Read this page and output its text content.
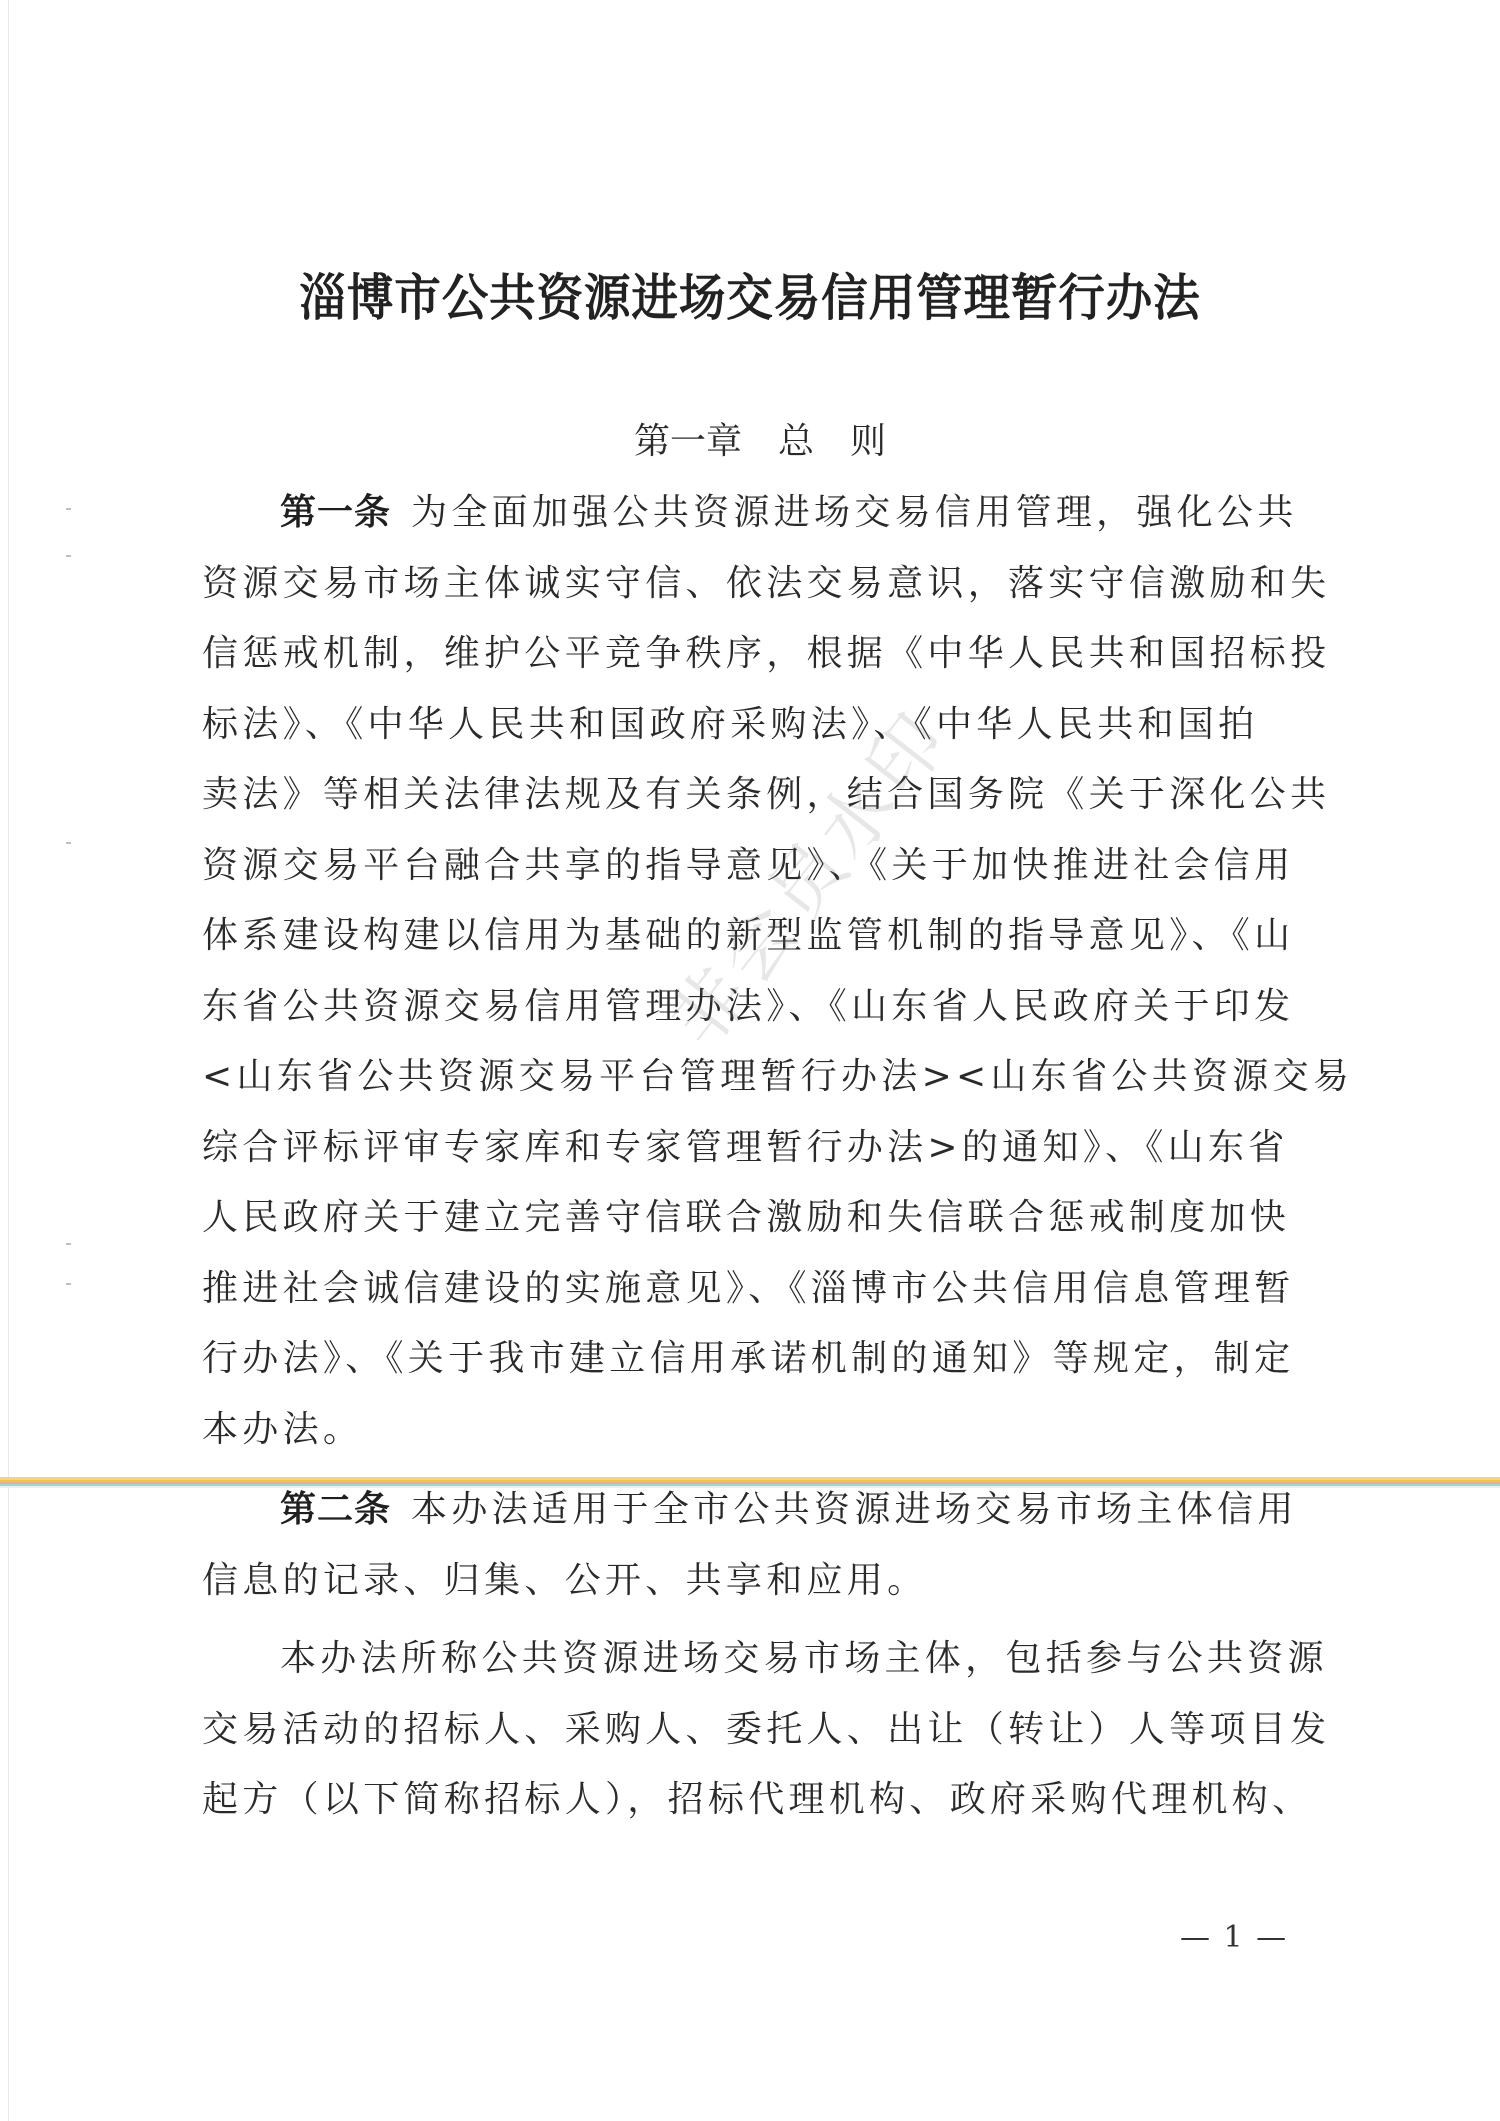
淄博市公共资源进场交易信用管理暂行办法
第一章　总　则
第一条 为全面加强公共资源进场交易信用管理，强化公共
资源交易市场主体诚实守信、依法交易意识，落实守信激励和失
信惩戒机制，维护公平竞争秩序，根据《中华人民共和国招标投
标法》、《中华人民共和国政府采购法》、《中华人民共和国拍
卖法》等相关法律法规及有关条例，结合国务院《关于深化公共
资源交易平台融合共享的指导意见》、《关于加快推进社会信用
体系建设构建以信用为基础的新型监管机制的指导意见》、《山
东省公共资源交易信用管理办法》、《山东省人民政府关于印发
<山东省公共资源交易平台管理暂行办法><山东省公共资源交易
综合评标评审专家库和专家管理暂行办法>的通知》、《山东省
人民政府关于建立完善守信联合激励和失信联合惩戒制度加快
推进社会诚信建设的实施意见》、《淄博市公共信用信息管理暂
行办法》、《关于我市建立信用承诺机制的通知》等规定，制定
本办法。
第二条 本办法适用于全市公共资源进场交易市场主体信用
信息的记录、归集、公开、共享和应用。
本办法所称公共资源进场交易市场主体，包括参与公共资源
交易活动的招标人、采购人、委托人、出让（转让）人等项目发
起方（以下简称招标人），招标代理机构、政府采购代理机构、
非会员水印
— 1 —
